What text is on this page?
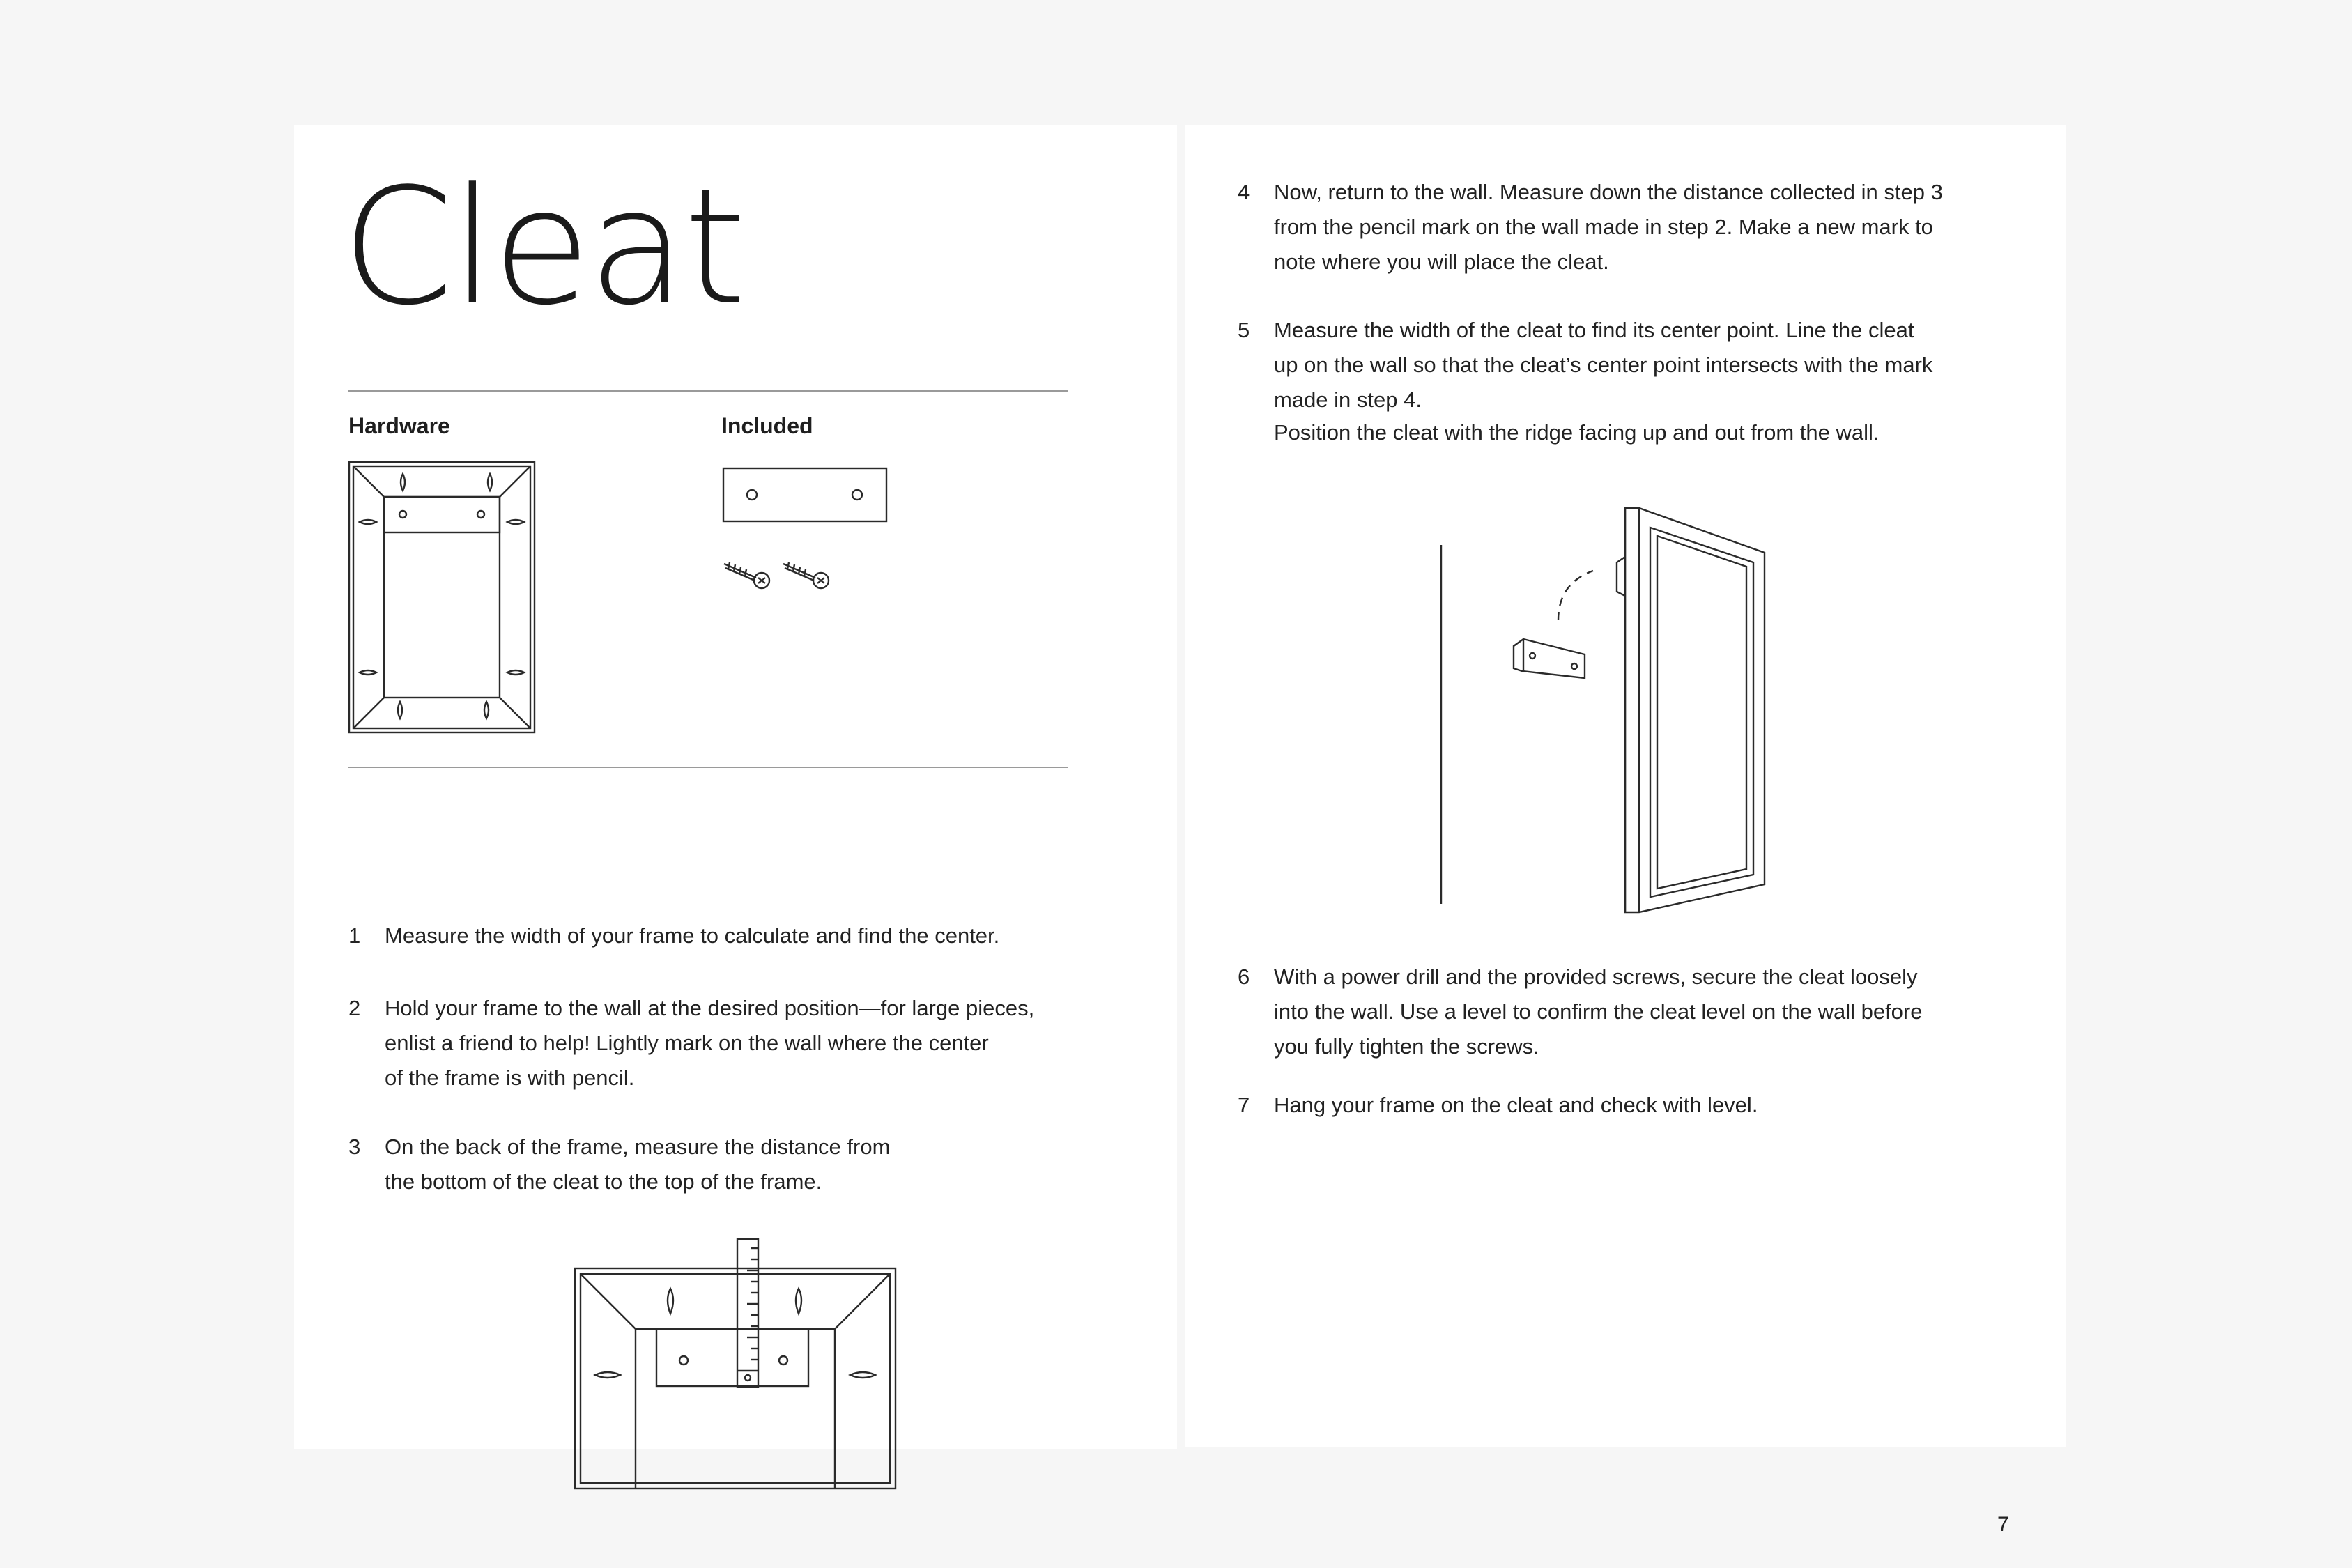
Cleat
Hardware	Included
1	Measure the width of your frame to calculate and find the center.
2	Hold your frame to the wall at the desired position—for large pieces,
enlist a friend to help! Lightly mark on the wall where the center
of the frame is with pencil.
3	On the back of the frame, measure the distance from
the bottom of the cleat to the top of the frame.
4	Now, return to the wall. Measure down the distance collected in step 3
from the pencil mark on the wall made in step 2. Make a new mark to
note where you will place the cleat.
5	Measure the width of the cleat to find its center point. Line the cleat
up on the wall so that the cleat’s center point intersects with the mark
made in step 4.
Position the cleat with the ridge facing up and out from the wall.
6	With a power drill and the provided screws, secure the cleat loosely
into the wall. Use a level to confirm the cleat level on the wall before
you fully tighten the screws.
7	Hang your frame on the cleat and check with level.
7
